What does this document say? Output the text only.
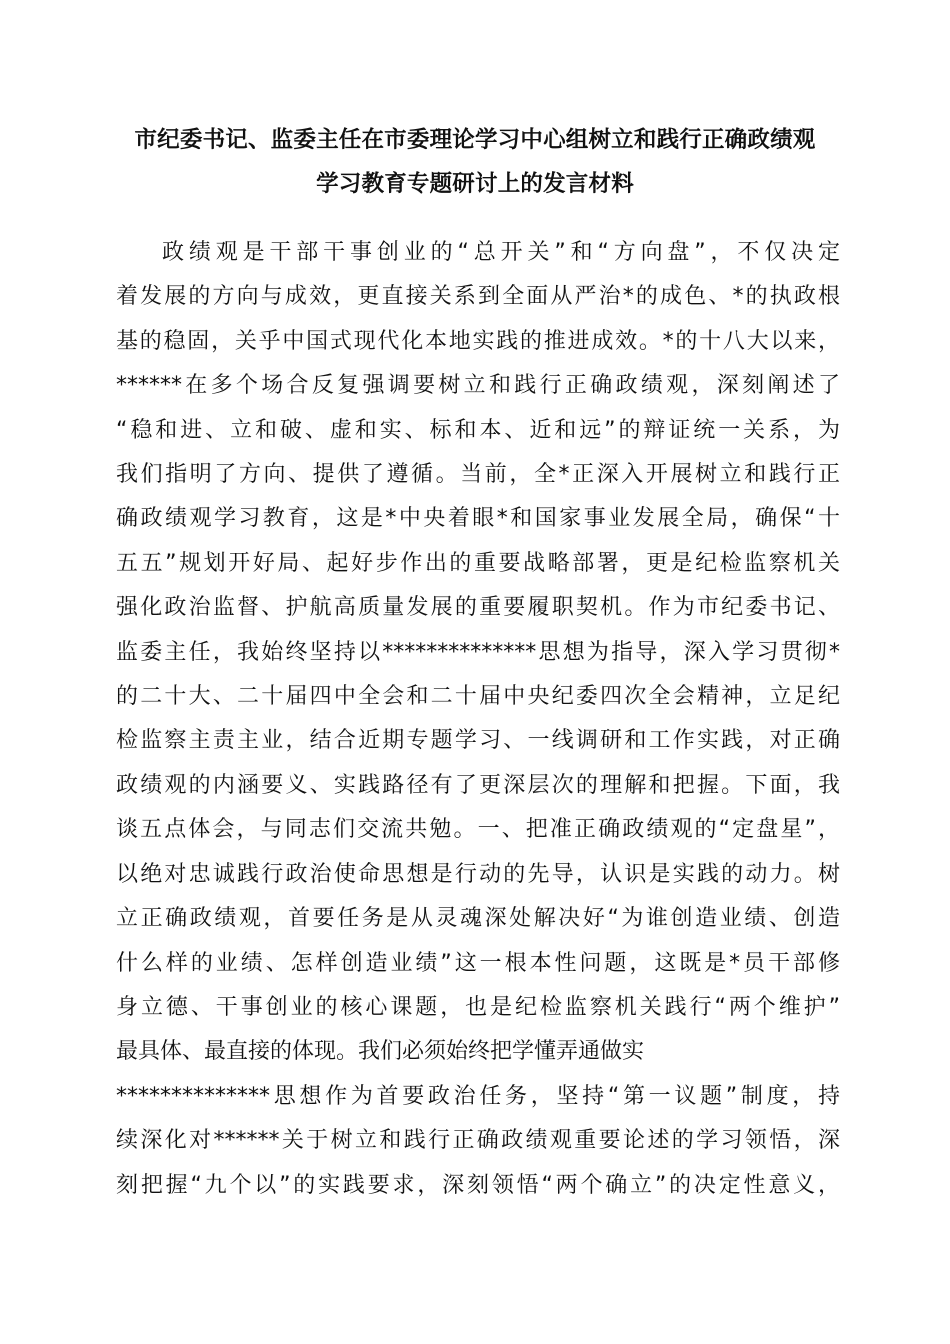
市纪委书记、监委主任在市委理论学习中心组树立和践行正确政绩观
学习教育专题研讨上的发言材料
政绩观是干部干事创业的“总开关”和“方向盘”，不仅决定
着发展的方向与成效，更直接关系到全面从严治*的成色、*的执政根
基的稳固，关乎中国式现代化本地实践的推进成效。*的十八大以来，
******在多个场合反复强调要树立和践行正确政绩观，深刻阐述了
“稳和进、立和破、虚和实、标和本、近和远”的辩证统一关系，为
我们指明了方向、提供了遵循。当前，全*正深入开展树立和践行正
确政绩观学习教育，这是*中央着眼*和国家事业发展全局，确保“十
五五”规划开好局、起好步作出的重要战略部署，更是纪检监察机关
强化政治监督、护航高质量发展的重要履职契机。作为市纪委书记、
监委主任，我始终坚持以**************思想为指导，深入学习贯彻*
的二十大、二十届四中全会和二十届中央纪委四次全会精神，立足纪
检监察主责主业，结合近期专题学习、一线调研和工作实践，对正确
政绩观的内涵要义、实践路径有了更深层次的理解和把握。下面，我
谈五点体会，与同志们交流共勉。一、把准正确政绩观的“定盘星”，
以绝对忠诚践行政治使命思想是行动的先导，认识是实践的动力。树
立正确政绩观，首要任务是从灵魂深处解决好“为谁创造业绩、创造
什么样的业绩、怎样创造业绩”这一根本性问题，这既是*员干部修
身立德、干事创业的核心课题，也是纪检监察机关践行“两个维护”
最具体、最直接的体现。我们必须始终把学懂弄通做实
**************思想作为首要政治任务，坚持“第一议题”制度，持
续深化对******关于树立和践行正确政绩观重要论述的学习领悟，深
刻把握“九个以”的实践要求，深刻领悟“两个确立”的决定性意义，
